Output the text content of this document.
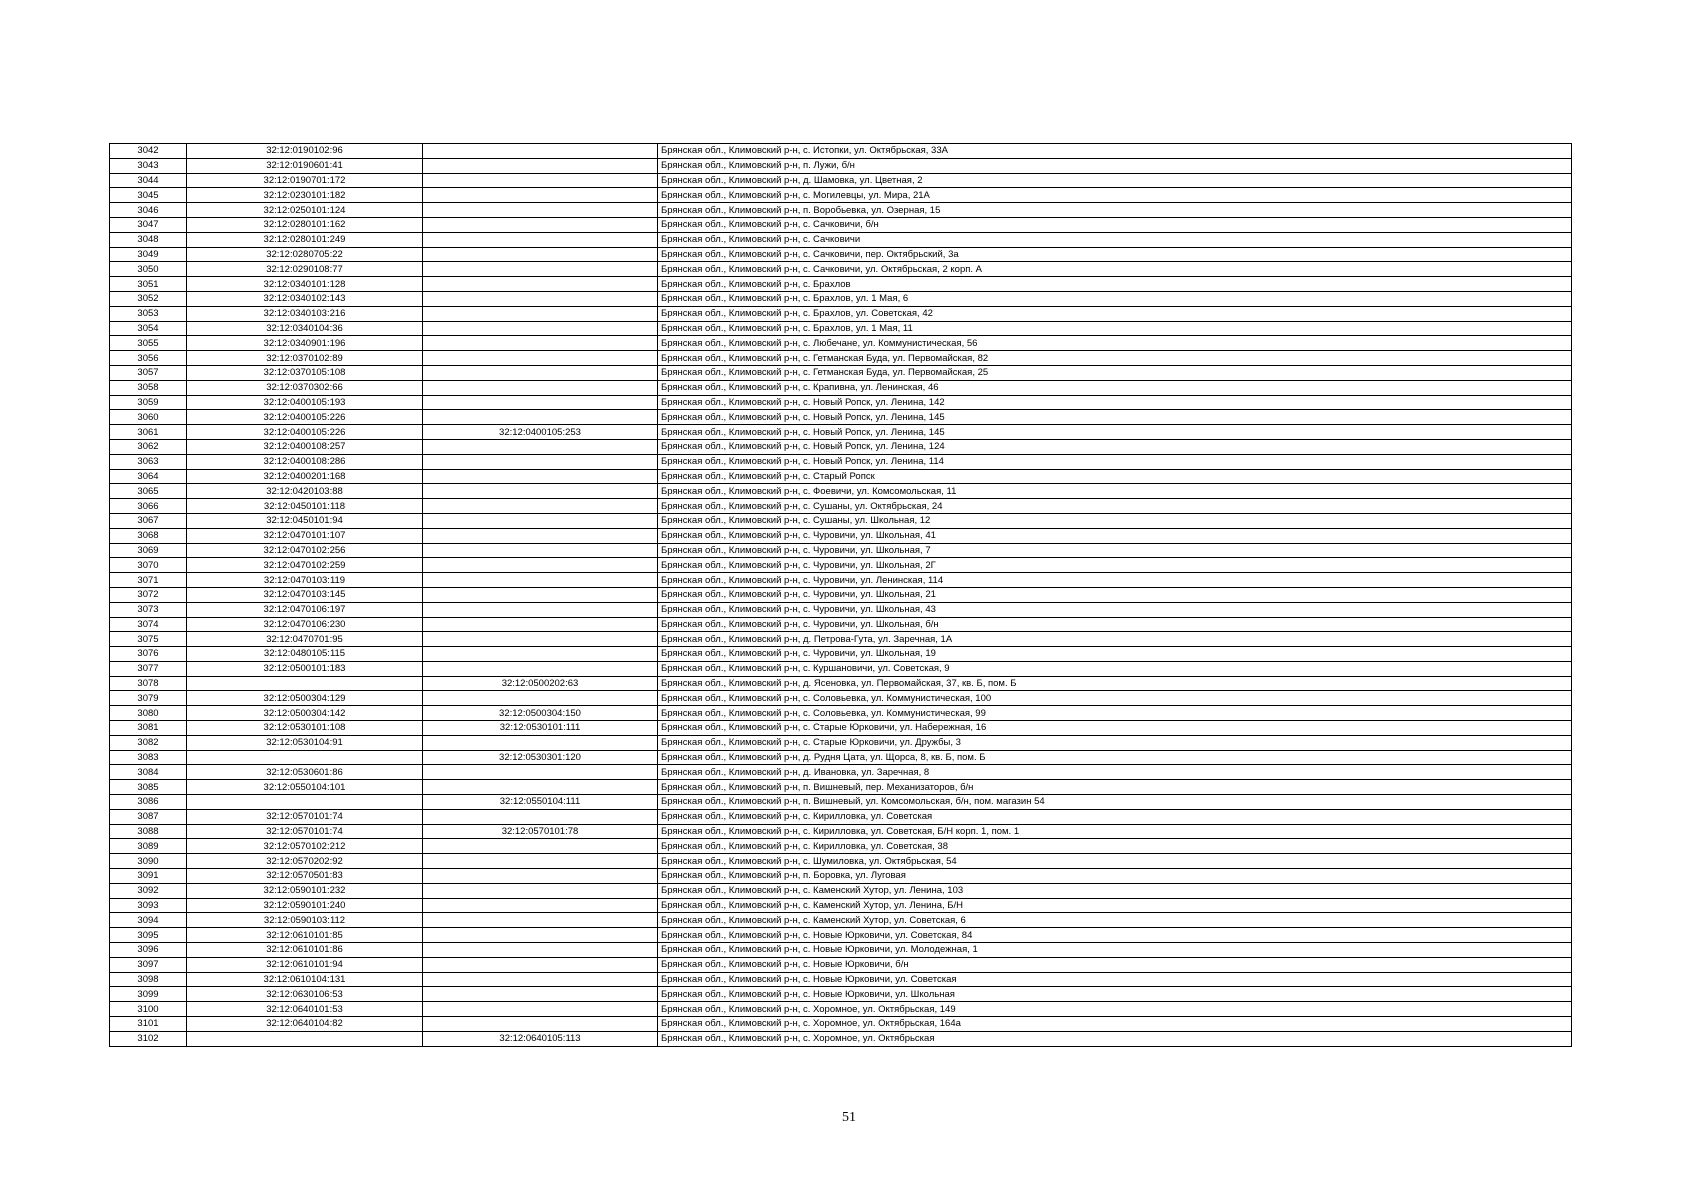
3042	32:12:0190102:96		Брянская обл., Климовский р-н, с. Истопки, ул. Октябрьская, 33А
3043	32:12:0190601:41		Брянская обл., Климовский р-н, п. Лужи, б/н
3044	32:12:0190701:172		Брянская обл., Климовский р-н, д. Шамовка, ул. Цветная, 2
3045	32:12:0230101:182		Брянская обл., Климовский р-н, с. Могилевцы, ул. Мира, 21А
3046	32:12:0250101:124		Брянская обл., Климовский р-н, п. Воробьевка, ул. Озерная, 15
3047	32:12:0280101:162		Брянская обл., Климовский р-н, с. Сачковичи, б/н
3048	32:12:0280101:249		Брянская обл., Климовский р-н, с. Сачковичи
3049	32:12:0280705:22		Брянская обл., Климовский р-н, с. Сачковичи, пер. Октябрьский, 3а
3050	32:12:0290108:77		Брянская обл., Климовский р-н, с. Сачковичи, ул. Октябрьская, 2 корп. А
3051	32:12:0340101:128		Брянская обл., Климовский р-н, с. Брахлов
3052	32:12:0340102:143		Брянская обл., Климовский р-н, с. Брахлов, ул. 1 Мая, 6
3053	32:12:0340103:216		Брянская обл., Климовский р-н, с. Брахлов, ул. Советская, 42
3054	32:12:0340104:36		Брянская обл., Климовский р-н, с. Брахлов, ул. 1 Мая, 11
3055	32:12:0340901:196		Брянская обл., Климовский р-н, с. Любечане, ул. Коммунистическая, 56
3056	32:12:0370102:89		Брянская обл., Климовский р-н, с. Гетманская Буда, ул. Первомайская, 82
3057	32:12:0370105:108		Брянская обл., Климовский р-н, с. Гетманская Буда, ул. Первомайская, 25
3058	32:12:0370302:66		Брянская обл., Климовский р-н, с. Крапивна, ул. Ленинская, 46
3059	32:12:0400105:193		Брянская обл., Климовский р-н, с. Новый Ропск, ул. Ленина, 142
3060	32:12:0400105:226		Брянская обл., Климовский р-н, с. Новый Ропск, ул. Ленина, 145
3061	32:12:0400105:226	32:12:0400105:253	Брянская обл., Климовский р-н, с. Новый Ропск, ул. Ленина, 145
3062	32:12:0400108:257		Брянская обл., Климовский р-н, с. Новый Ропск, ул. Ленина, 124
3063	32:12:0400108:286		Брянская обл., Климовский р-н, с. Новый Ропск, ул. Ленина, 114
3064	32:12:0400201:168		Брянская обл., Климовский р-н, с. Старый Ропск
3065	32:12:0420103:88		Брянская обл., Климовский р-н, с. Фоевичи, ул. Комсомольская, 11
3066	32:12:0450101:118		Брянская обл., Климовский р-н, с. Сушаны, ул. Октябрьская, 24
3067	32:12:0450101:94		Брянская обл., Климовский р-н, с. Сушаны, ул. Школьная, 12
3068	32:12:0470101:107		Брянская обл., Климовский р-н, с. Чуровичи, ул. Школьная, 41
3069	32:12:0470102:256		Брянская обл., Климовский р-н, с. Чуровичи, ул. Школьная, 7
3070	32:12:0470102:259		Брянская обл., Климовский р-н, с. Чуровичи, ул. Школьная, 2Г
3071	32:12:0470103:119		Брянская обл., Климовский р-н, с. Чуровичи, ул. Ленинская, 114
3072	32:12:0470103:145		Брянская обл., Климовский р-н, с. Чуровичи, ул. Школьная, 21
3073	32:12:0470106:197		Брянская обл., Климовский р-н, с. Чуровичи, ул. Школьная, 43
3074	32:12:0470106:230		Брянская обл., Климовский р-н, с. Чуровичи, ул. Школьная, б/н
3075	32:12:0470701:95		Брянская обл., Климовский р-н, д. Петрова-Гута, ул. Заречная, 1А
3076	32:12:0480105:115		Брянская обл., Климовский р-н, с. Чуровичи, ул. Школьная, 19
3077	32:12:0500101:183		Брянская обл., Климовский р-н, с. Куршановичи, ул. Советская, 9
3078		32:12:0500202:63	Брянская обл., Климовский р-н, д. Ясеновка, ул. Первомайская, 37, кв. Б, пом. Б
3079	32:12:0500304:129		Брянская обл., Климовский р-н, с. Соловьевка, ул. Коммунистическая, 100
3080	32:12:0500304:142	32:12:0500304:150	Брянская обл., Климовский р-н, с. Соловьевка, ул. Коммунистическая, 99
3081	32:12:0530101:108	32:12:0530101:111	Брянская обл., Климовский р-н, с. Старые Юрковичи, ул. Набережная, 16
3082	32:12:0530104:91		Брянская обл., Климовский р-н, с. Старые Юрковичи, ул. Дружбы, 3
3083		32:12:0530301:120	Брянская обл., Климовский р-н, д. Рудня Цата, ул. Щорса, 8, кв. Б, пом. Б
3084	32:12:0530601:86		Брянская обл., Климовский р-н, д. Ивановка, ул. Заречная, 8
3085	32:12:0550104:101		Брянская обл., Климовский р-н, п. Вишневый, пер. Механизаторов, б/н
3086		32:12:0550104:111	Брянская обл., Климовский р-н, п. Вишневый, ул. Комсомольская, б/н, пом. магазин 54
3087	32:12:0570101:74		Брянская обл., Климовский р-н, с. Кирилловка, ул. Советская
3088	32:12:0570101:74	32:12:0570101:78	Брянская обл., Климовский р-н, с. Кирилловка, ул. Советская, Б/Н корп. 1, пом. 1
3089	32:12:0570102:212		Брянская обл., Климовский р-н, с. Кирилловка, ул. Советская, 38
3090	32:12:0570202:92		Брянская обл., Климовский р-н, с. Шумиловка, ул. Октябрьская, 54
3091	32:12:0570501:83		Брянская обл., Климовский р-н, п. Боровка, ул. Луговая
3092	32:12:0590101:232		Брянская обл., Климовский р-н, с. Каменский Хутор, ул. Ленина, 103
3093	32:12:0590101:240		Брянская обл., Климовский р-н, с. Каменский Хутор, ул. Ленина, Б/Н
3094	32:12:0590103:112		Брянская обл., Климовский р-н, с. Каменский Хутор, ул. Советская, 6
3095	32:12:0610101:85		Брянская обл., Климовский р-н, с. Новые Юрковичи, ул. Советская, 84
3096	32:12:0610101:86		Брянская обл., Климовский р-н, с. Новые Юрковичи, ул. Молодежная, 1
3097	32:12:0610101:94		Брянская обл., Климовский р-н, с. Новые Юрковичи, б/н
3098	32:12:0610104:131		Брянская обл., Климовский р-н, с. Новые Юрковичи, ул. Советская
3099	32:12:0630106:53		Брянская обл., Климовский р-н, с. Новые Юрковичи, ул. Школьная
3100	32:12:0640101:53		Брянская обл., Климовский р-н, с. Хоромное, ул. Октябрьская, 149
3101	32:12:0640104:82		Брянская обл., Климовский р-н, с. Хоромное, ул. Октябрьская, 164а
3102		32:12:0640105:113	Брянская обл., Климовский р-н, с. Хоромное, ул. Октябрьская
51
